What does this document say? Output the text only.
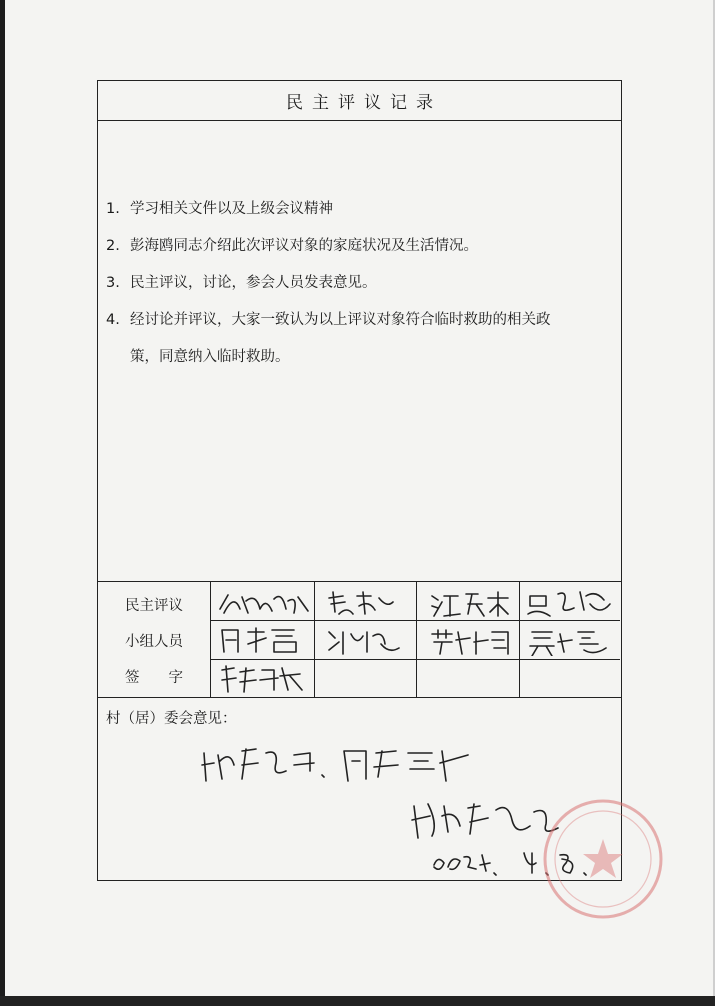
民主评议记录
1. 学习相关文件以及上级会议精神
2. 彭海鸥同志介绍此次评议对象的家庭状况及生活情况。
3. 民主评议，讨论，参会人员发表意见。
4. 经讨论并评议，大家一致认为以上评议对象符合临时救助的相关政
策，同意纳入临时救助。
民主评议
小组人员
签　　字
村（居）委会意见：
